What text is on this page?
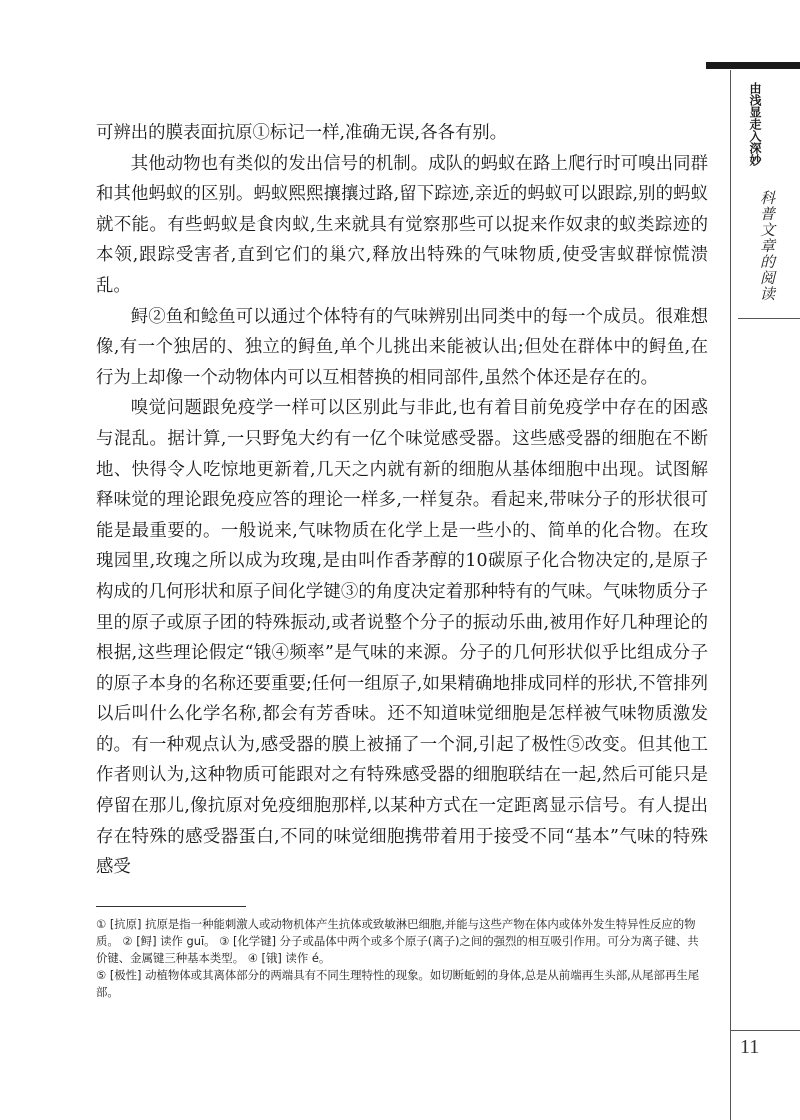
由浅显走入深妙
科普文章的阅读

可辨出的膜表面抗原①标记一样,准确无误,各各有别。

其他动物也有类似的发出信号的机制。成队的蚂蚁在路上爬行时可嗅出同群和其他蚂蚁的区别。蚂蚁熙熙攘攘过路,留下踪迹,亲近的蚂蚁可以跟踪,别的蚂蚁就不能。有些蚂蚁是食肉蚁,生来就具有觉察那些可以捉来作奴隶的蚁类踪迹的本领,跟踪受害者,直到它们的巢穴,释放出特殊的气味物质,使受害蚁群惊慌溃乱。

鲟②鱼和鲶鱼可以通过个体特有的气味辨别出同类中的每一个成员。很难想像,有一个独居的、独立的鲟鱼,单个儿挑出来能被认出;但处在群体中的鲟鱼,在行为上却像一个动物体内可以互相替换的相同部件,虽然个体还是存在的。

嗅觉问题跟免疫学一样可以区别此与非此,也有着目前免疫学中存在的困惑与混乱。据计算,一只野兔大约有一亿个味觉感受器。这些感受器的细胞在不断地、快得令人吃惊地更新着,几天之内就有新的细胞从基体细胞中出现。试图解释味觉的理论跟免疫应答的理论一样多,一样复杂。看起来,带味分子的形状很可能是最重要的。一般说来,气味物质在化学上是一些小的、简单的化合物。在玫瑰园里,玫瑰之所以成为玫瑰,是由叫作香茅醇的10碳原子化合物决定的,是原子构成的几何形状和原子间化学键③的角度决定着那种特有的气味。气味物质分子里的原子或原子团的特殊振动,或者说整个分子的振动乐曲,被用作好几种理论的根据,这些理论假定“锇④频率”是气味的来源。分子的几何形状似乎比组成分子的原子本身的名称还要重要;任何一组原子,如果精确地排成同样的形状,不管排列以后叫什么化学名称,都会有芳香味。还不知道味觉细胞是怎样被气味物质激发的。有一种观点认为,感受器的膜上被捅了一个洞,引起了极性⑤改变。但其他工作者则认为,这种物质可能跟对之有特殊感受器的细胞联结在一起,然后可能只是停留在那儿,像抗原对免疫细胞那样,以某种方式在一定距离显示信号。有人提出存在特殊的感受器蛋白,不同的味觉细胞携带着用于接受不同“基本”气味的特殊感受

① [抗原] 抗原是指一种能刺激人或动物机体产生抗体或致敏淋巴细胞,并能与这些产物在体内或体外发生特异性反应的物质。 ② [鲟] 读作 guī。 ③ [化学键] 分子或晶体中两个或多个原子(离子)之间的强烈的相互吸引作用。可分为离子键、共价键、金属键三种基本类型。 ④ [锇] 读作 é。

⑤ [极性] 动植物体或其离体部分的两端具有不同生理特性的现象。如切断蚯蚓的身体,总是从前端再生头部,从尾部再生尾部。

11
